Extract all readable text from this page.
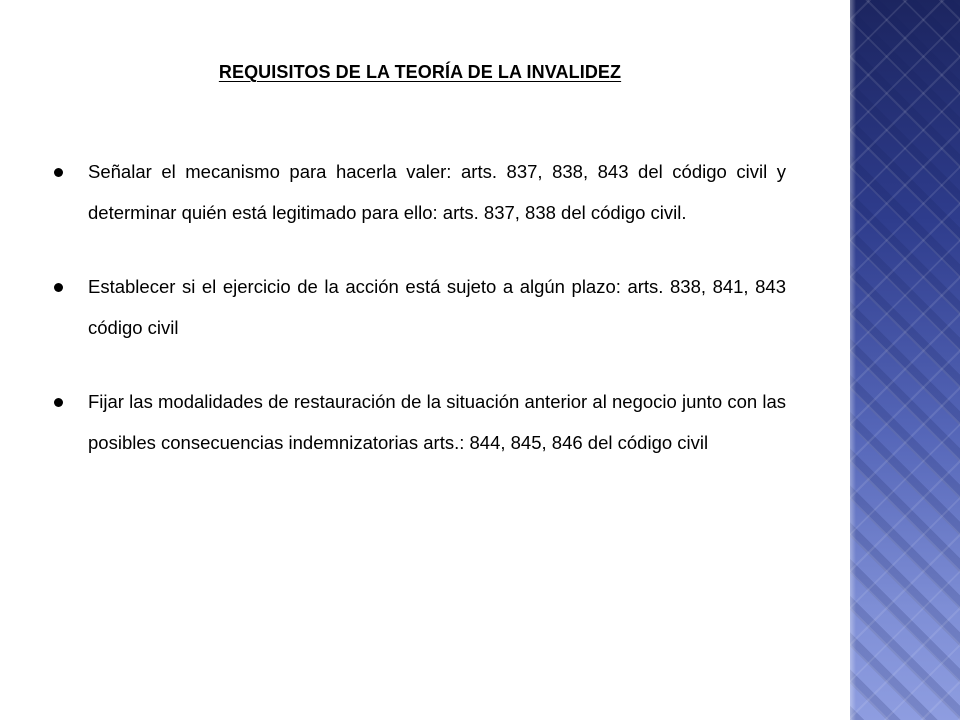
REQUISITOS DE LA TEORÍA DE LA INVALIDEZ
Señalar el mecanismo para hacerla valer: arts. 837, 838, 843 del código civil y determinar quién está legitimado para ello: arts. 837, 838 del código civil.
Establecer si el ejercicio de la acción está sujeto a algún plazo: arts. 838, 841, 843 código civil
Fijar las modalidades de restauración de la situación anterior al negocio junto con las posibles consecuencias indemnizatorias arts.: 844, 845, 846 del código civil
